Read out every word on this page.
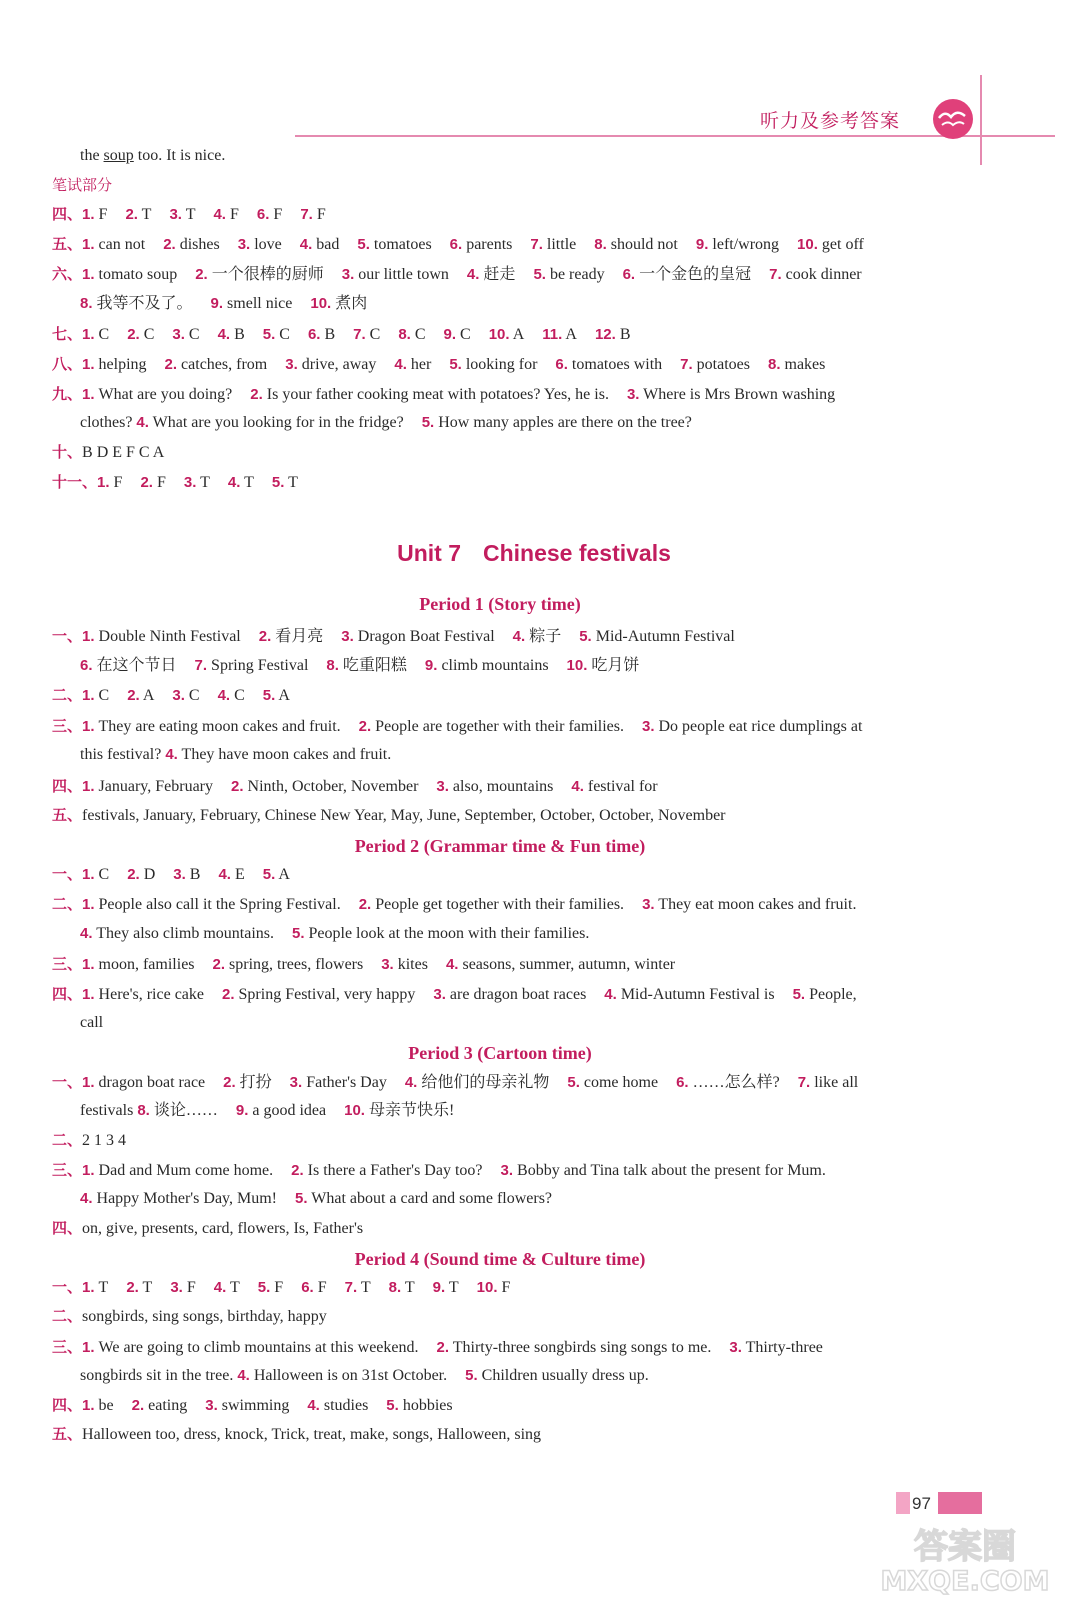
听力及参考答案
Unit 7 Chinese festivals
the soup too. It is nice.
笔试部分
四、1. F 2. T 3. T 4. F 6. F 7. F
五、1. can not 2. dishes 3. love 4. bad 5. tomatoes 6. parents 7. little 8. should not 9. left/wrong 10. get off
六、1. tomato soup 2. 一个很棒的厨师 3. our little town 4. 赶走 5. be ready 6. 一个金色的皇冠 7. cook dinner
8. 我等不及了。 9. smell nice 10. 煮肉
七、1. C 2. C 3. C 4. B 5. C 6. B 7. C 8. C 9. C 10. A 11. A 12. B
八、1. helping 2. catches, from 3. drive, away 4. her 5. looking for 6. tomatoes with 7. potatoes 8. makes
九、1. What are you doing? 2. Is your father cooking meat with potatoes? Yes, he is. 3. Where is Mrs Brown washing
clothes? 4. What are you looking for in the fridge? 5. How many apples are there on the tree?
十、B D E F C A
十一、1. F 2. F 3. T 4. T 5. T
一、1. Double Ninth Festival 2. 看月亮 3. Dragon Boat Festival 4. 粽子 5. Mid-Autumn Festival
6. 在这个节日 7. Spring Festival 8. 吃重阳糕 9. climb mountains 10. 吃月饼
二、1. C 2. A 3. C 4. C 5. A
三、1. They are eating moon cakes and fruit. 2. People are together with their families. 3. Do people eat rice dumplings at
this festival? 4. They have moon cakes and fruit.
四、1. January, February 2. Ninth, October, November 3. also, mountains 4. festival for
五、festivals, January, February, Chinese New Year, May, June, September, October, October, November
一、1. C 2. D 3. B 4. E 5. A
二、1. People also call it the Spring Festival. 2. People get together with their families. 3. They eat moon cakes and fruit.
4. They also climb mountains. 5. People look at the moon with their families.
三、1. moon, families 2. spring, trees, flowers 3. kites 4. seasons, summer, autumn, winter
四、1. Here's, rice cake 2. Spring Festival, very happy 3. are dragon boat races 4. Mid-Autumn Festival is 5. People,
call
一、1. dragon boat race 2. 打扮 3. Father's Day 4. 给他们的母亲礼物 5. come home 6. ……怎么样? 7. like all
festivals 8. 谈论…… 9. a good idea 10. 母亲节快乐!
二、2 1 3 4
三、1. Dad and Mum come home. 2. Is there a Father's Day too? 3. Bobby and Tina talk about the present for Mum.
4. Happy Mother's Day, Mum! 5. What about a card and some flowers?
四、on, give, presents, card, flowers, Is, Father's
一、1. T 2. T 3. F 4. T 5. F 6. F 7. T 8. T 9. T 10. F
二、songbirds, sing songs, birthday, happy
三、1. We are going to climb mountains at this weekend. 2. Thirty-three songbirds sing songs to me. 3. Thirty-three
songbirds sit in the tree. 4. Halloween is on 31st October. 5. Children usually dress up.
四、1. be 2. eating 3. swimming 4. studies 5. hobbies
五、Halloween too, dress, knock, Trick, treat, make, songs, Halloween, sing
Period 1 (Story time)
Period 2 (Grammar time & Fun time)
Period 3 (Cartoon time)
Period 4 (Sound time & Culture time)
97
答案圈
MXQE.COM
